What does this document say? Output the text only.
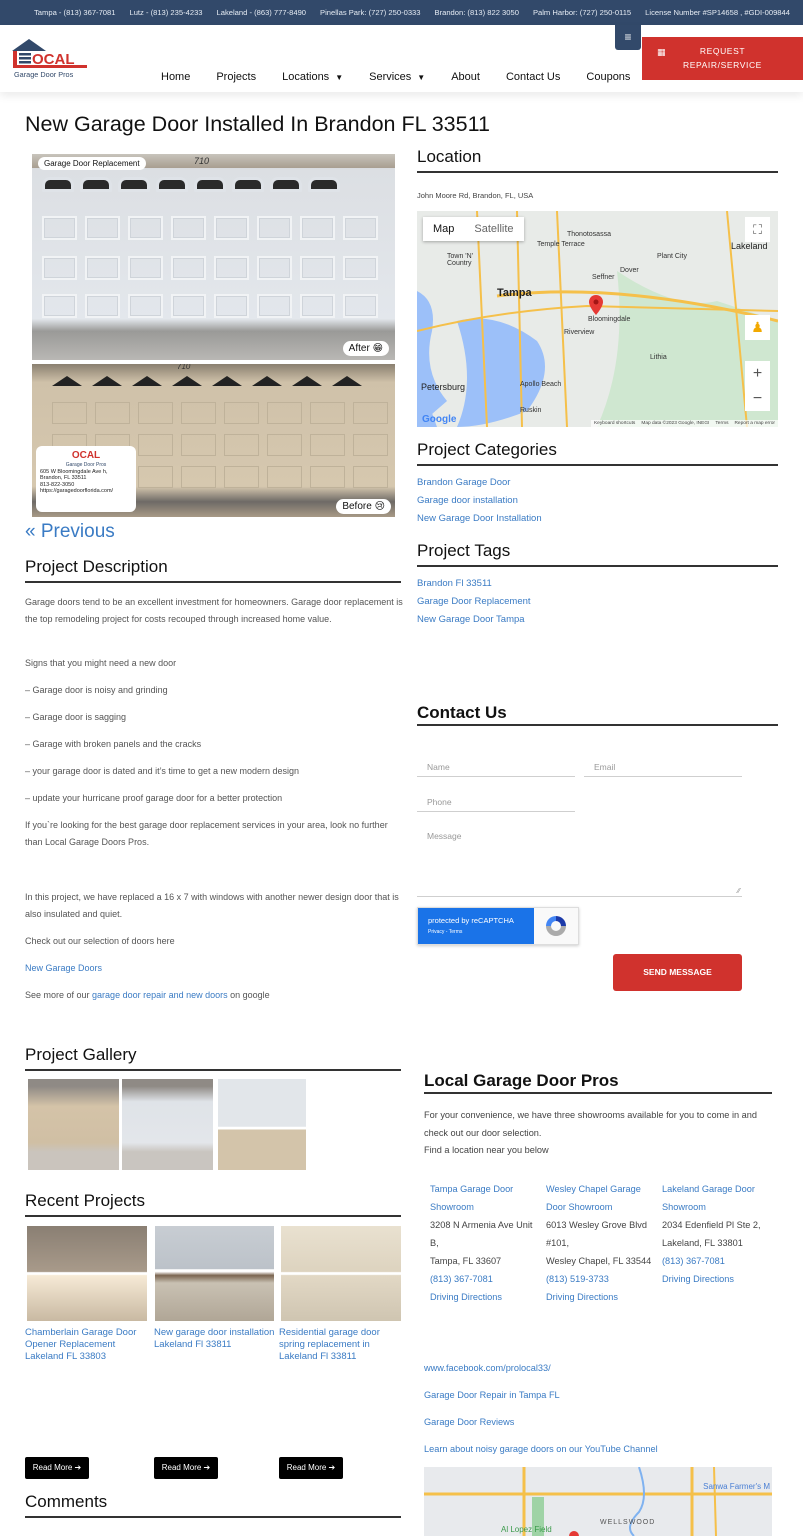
Tampa - (813) 367-7081 Lutz - (813) 235-4233 Lakeland - (863) 777-8490 Pinellas Park: (727) 250-0333 Brandon: (813) 822 3050 Palm Harbor: (727) 250-0115 License Number #SP14658 , #GDI-009844
OCAL
Garage Door Pros	Home Projects Locations ▼ Services ▼ About Contact Us Coupons
≡
▦	REQUEST
REPAIR/SERVICE
New Garage Door Installed In Brandon FL 33511
Garage Door Replacement	710
After 😁
710
Before 😢
OCAL
Garage Door Pros
605 W Bloomingdale Ave h,
Brandon, FL 33511
813-822-3050
https://garagedoorflorida.com/
« Previous
Project Description
Garage doors tend to be an excellent investment for homeowners. Garage door replacement is the top remodeling project for costs recouped through increased home value.
Signs that you might need a new door
– Garage door is noisy and grinding
– Garage door is sagging
– Garage with broken panels and the cracks
– your garage door is dated and it’s time to get a new modern design
– update your hurricane proof garage door for a better protection
If you`re looking for the best garage door replacement services in your area, look no further than Local Garage Doors Pros.
In this project, we have replaced a 16 x 7 with windows with another newer design door that is also insulated and quiet.
Check out our selection of doors here
New Garage Doors
See more of our garage door repair and new doors on google
Location
John Moore Rd, Brandon, FL, USA
Map	Satellite	⛶
Tampa
Thonotosassa
Temple Terrace
Town 'N' Country
Lakeland
Plant City
Dover
Seffner
Bloomingdale
Riverview
Lithia
Apollo Beach
Ruskin
Petersburg
♟
+
−
Google	Keyboard shortcuts Map data ©2023 Google, INEGI Terms Report a map error
Project Categories
Brandon Garage Door
Garage door installation
New Garage Door Installation
Project Tags
Brandon Fl 33511
Garage Door Replacement
New Garage Door Tampa
Contact Us
Name	Email
Phone
Message
⁄⁄
protected by reCAPTCHA
Privacy - Terms
SEND MESSAGE
Project Gallery
Recent Projects
Chamberlain Garage Door Opener Replacement Lakeland FL 33803
New garage door installation Lakeland Fl 33811
Residential garage door spring replacement in Lakeland Fl 33811
Read More ➔	Read More ➔	Read More ➔
Comments
Local Garage Door Pros
For your convenience, we have three showrooms available for you to come in and check out our door selection.
Find a location near you below
Tampa Garage Door Showroom
3208 N Armenia Ave Unit B,
Tampa, FL 33607
(813) 367-7081
Driving Directions
Wesley Chapel Garage Door Showroom
6013 Wesley Grove Blvd #101,
Wesley Chapel, FL 33544
(813) 519-3733
Driving Directions
Lakeland Garage Door Showroom
2034 Edenfield Pl Ste 2,
Lakeland, FL 33801
(813) 367-7081
Driving Directions
www.facebook.com/prolocal33/
Garage Door Repair in Tampa FL
Garage Door Reviews
Learn about noisy garage doors on our YouTube Channel
Sanwa Farmer's M
WELLSWOOD
Al Lopez Field
